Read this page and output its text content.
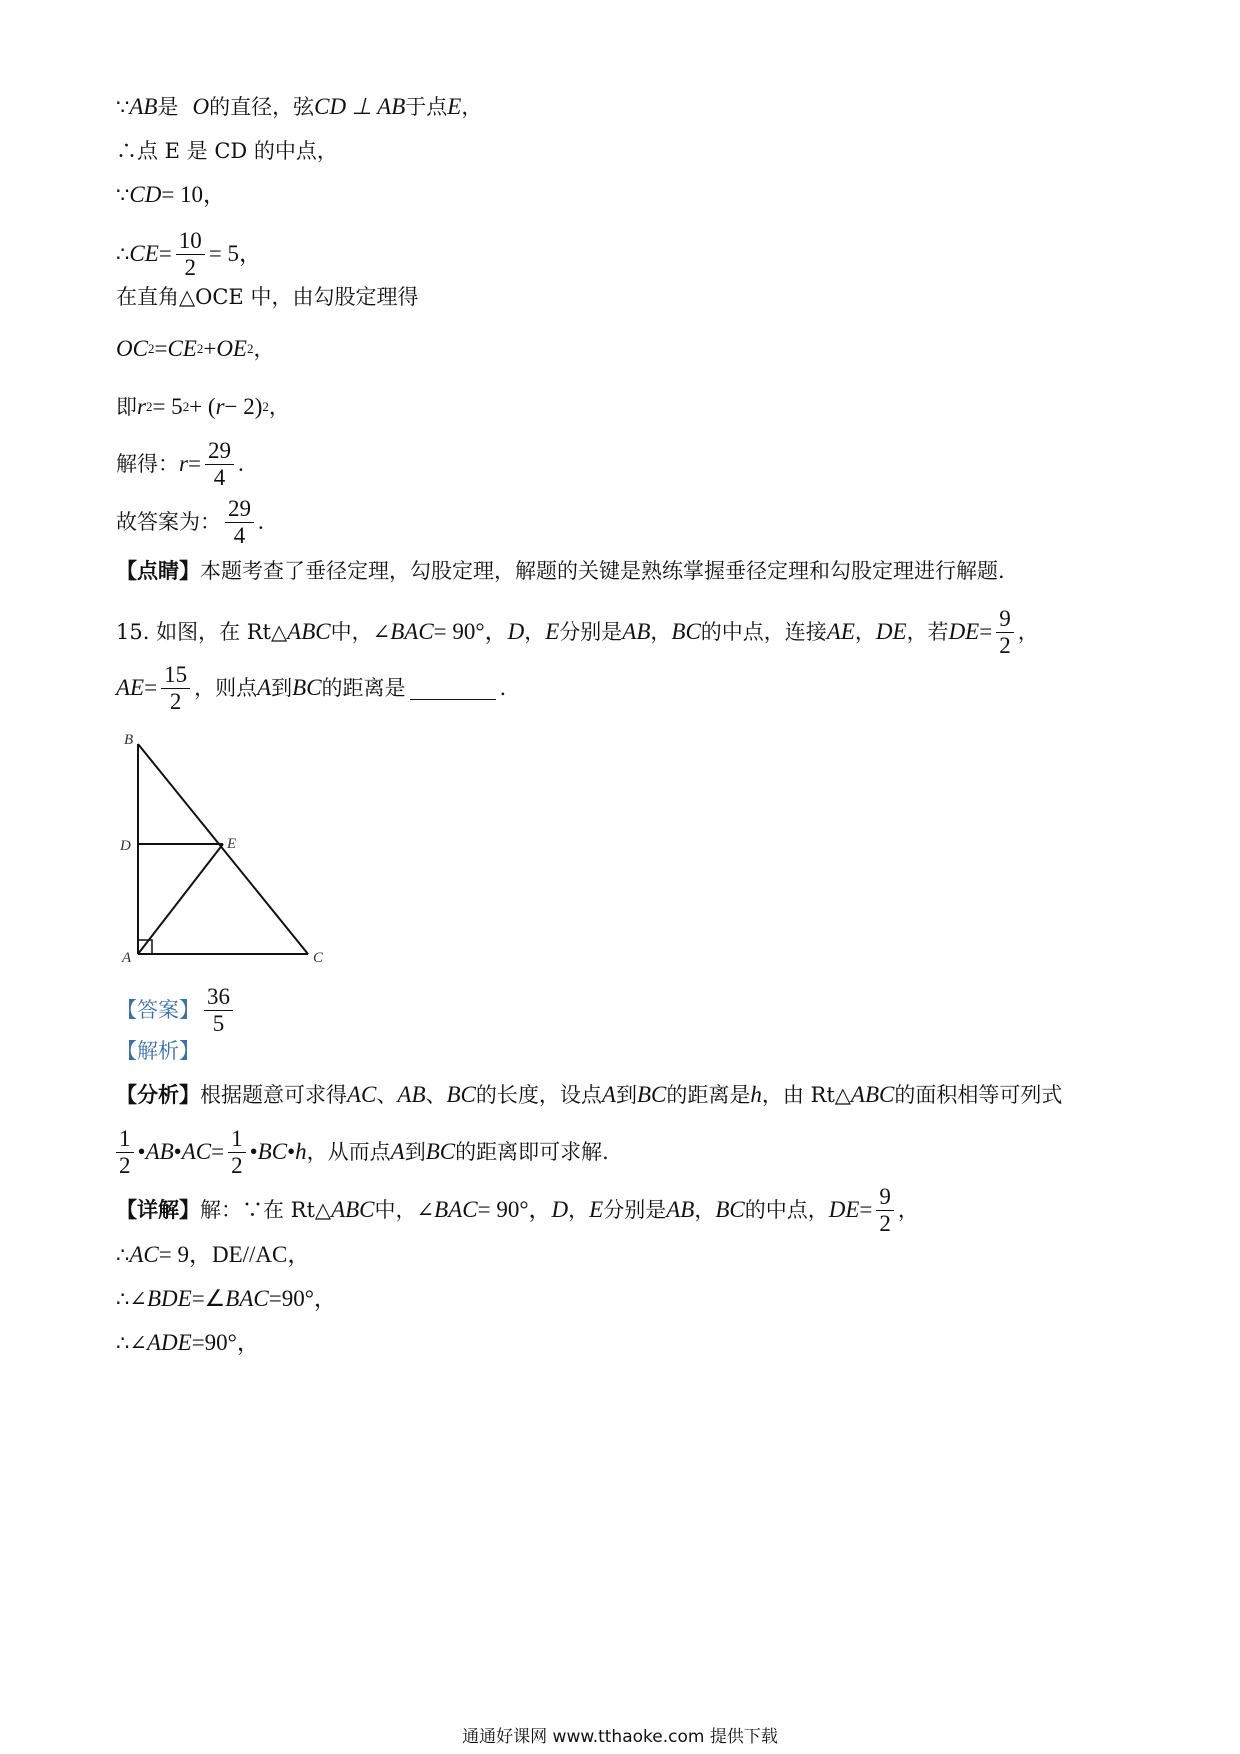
∵ AB 是 O 的直径，弦 CD ⊥ AB 于点 E ，
∴点 E 是 CD 的中点，
∵ CD = 10，
∴ CE = $\frac{10}{2} = 5$，
在直角△OCE 中，由勾股定理得
OC 2 = CE 2 + OE 2 ，
即 r 2 = 5 2 + ( r − 2) 2 ，
解得： $r = \frac{29}{4}$ .
故答案为： $\frac{29}{4}$ .
【点睛】 本题考查了垂径定理，勾股定理，解题的关键是熟练掌握垂径定理和勾股定理进行解题.
15. 如图，在 Rt△ ABC 中，∠ BAC = 90°， D ， E 分别是 AB ， BC 的中点，连接 AE ， DE ，若 DE = $\frac{9}{2}$ ，
AE = $\frac{15}{2}$ ，则点 A 到 BC 的距离是	.
B
D	E
A	C
【答案】 $\frac{36}{5}$
【解析】
【分析】 根据题意可求得 AC 、 AB 、 BC 的长度，设点 A 到 BC 的距离是 h ，由 Rt△ ABC 的面积相等可列式
$\frac{1}{2}$ • AB • AC = $\frac{1}{2}$ • BC • h ，从而点 A 到 BC 的距离即可求解.
【详解】 解：∵在 Rt△ ABC 中，∠ BAC = 90°， D ， E 分别是 AB ， BC 的中点， DE = $\frac{9}{2}$ ，
∴ AC = 9，DE//AC，
∴∠ BDE =∠ BAC =90°，
∴∠ ADE =90°，
通通好课网 www.tthaoke.com 提供下载
